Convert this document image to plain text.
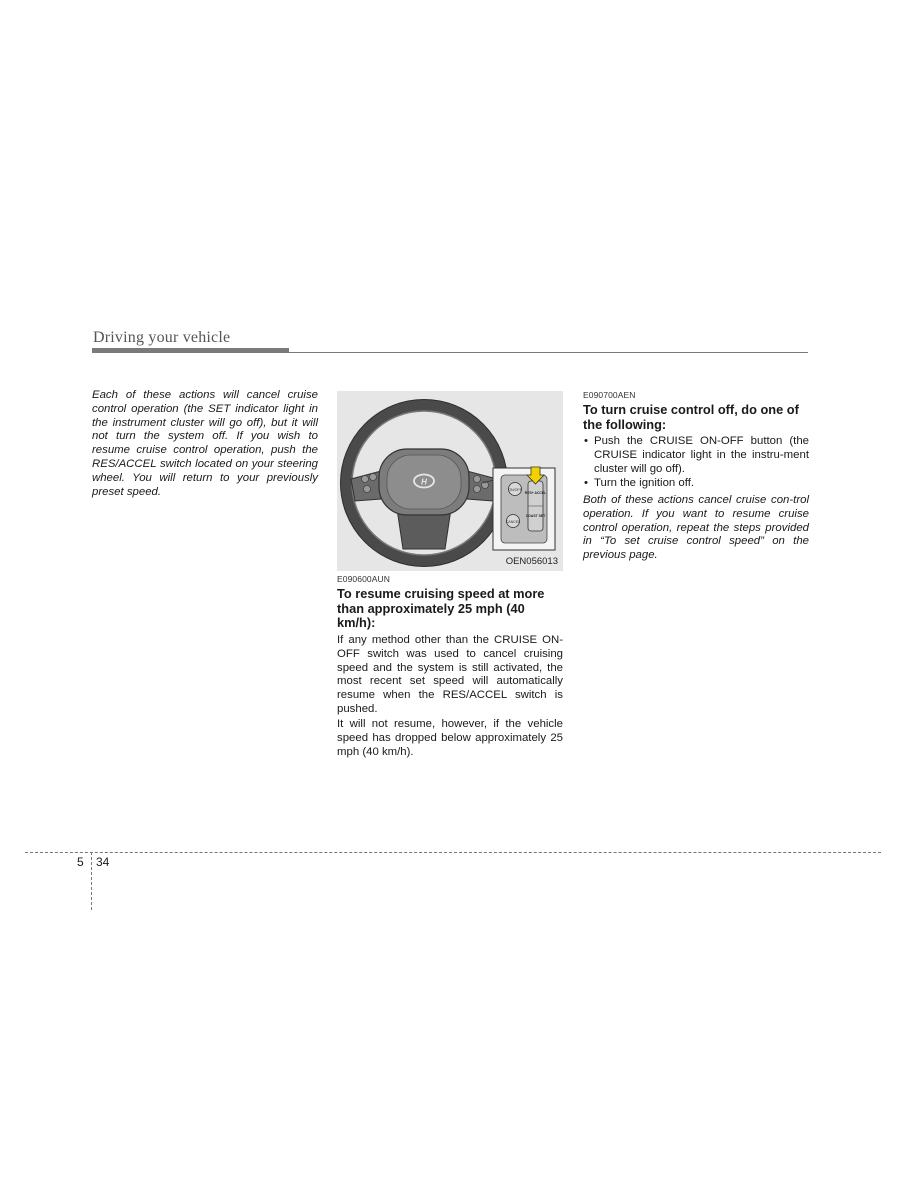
Driving your vehicle
Each of these actions will cancel cruise control operation (the SET indicator light in the instrument cluster will go off), but it will not turn the system off. If you wish to resume cruise control operation, push the RES/ACCEL switch located on your steering wheel. You will return to your previously preset speed.
H
ON/OFF
CANCEL
RES+ ACCEL
COAST SET
OEN056013
E090600AUN
To resume cruising speed at more than approximately 25 mph (40 km/h):
If any method other than the CRUISE ON-OFF switch was used to cancel cruising speed and the system is still activated, the most recent set speed will automatically resume when the RES/ACCEL switch is pushed.
It will not resume, however, if the vehicle speed has dropped below approximately 25 mph (40 km/h).
E090700AEN
To turn cruise control off, do one of the following:
• Push the CRUISE ON-OFF button (the CRUISE indicator light in the instru-ment cluster will go off).
• Turn the ignition off.
Both of these actions cancel cruise con-trol operation. If you want to resume cruise control operation, repeat the steps provided in “To set cruise control speed” on the previous page.
5 34
